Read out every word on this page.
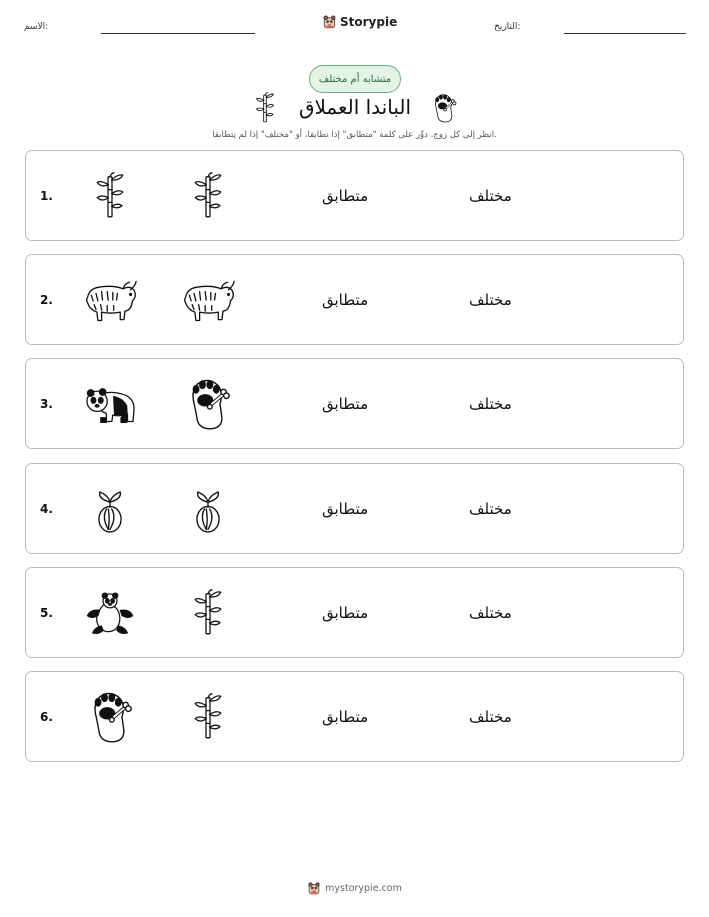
الاسم:	Storypie	التاريخ:
متشابه أم مختلف
الباندا العملاق
انظر إلى كل زوج. دوِّر على كلمة "متطابق" إذا تطابقا، أو "مختلف" إذا لم يتطابقا.
1.	متطابق	مختلف
2.	متطابق	مختلف
3.	متطابق	مختلف
4.	متطابق	مختلف
5.	متطابق	مختلف
6.	متطابق	مختلف
mystorypie.com
